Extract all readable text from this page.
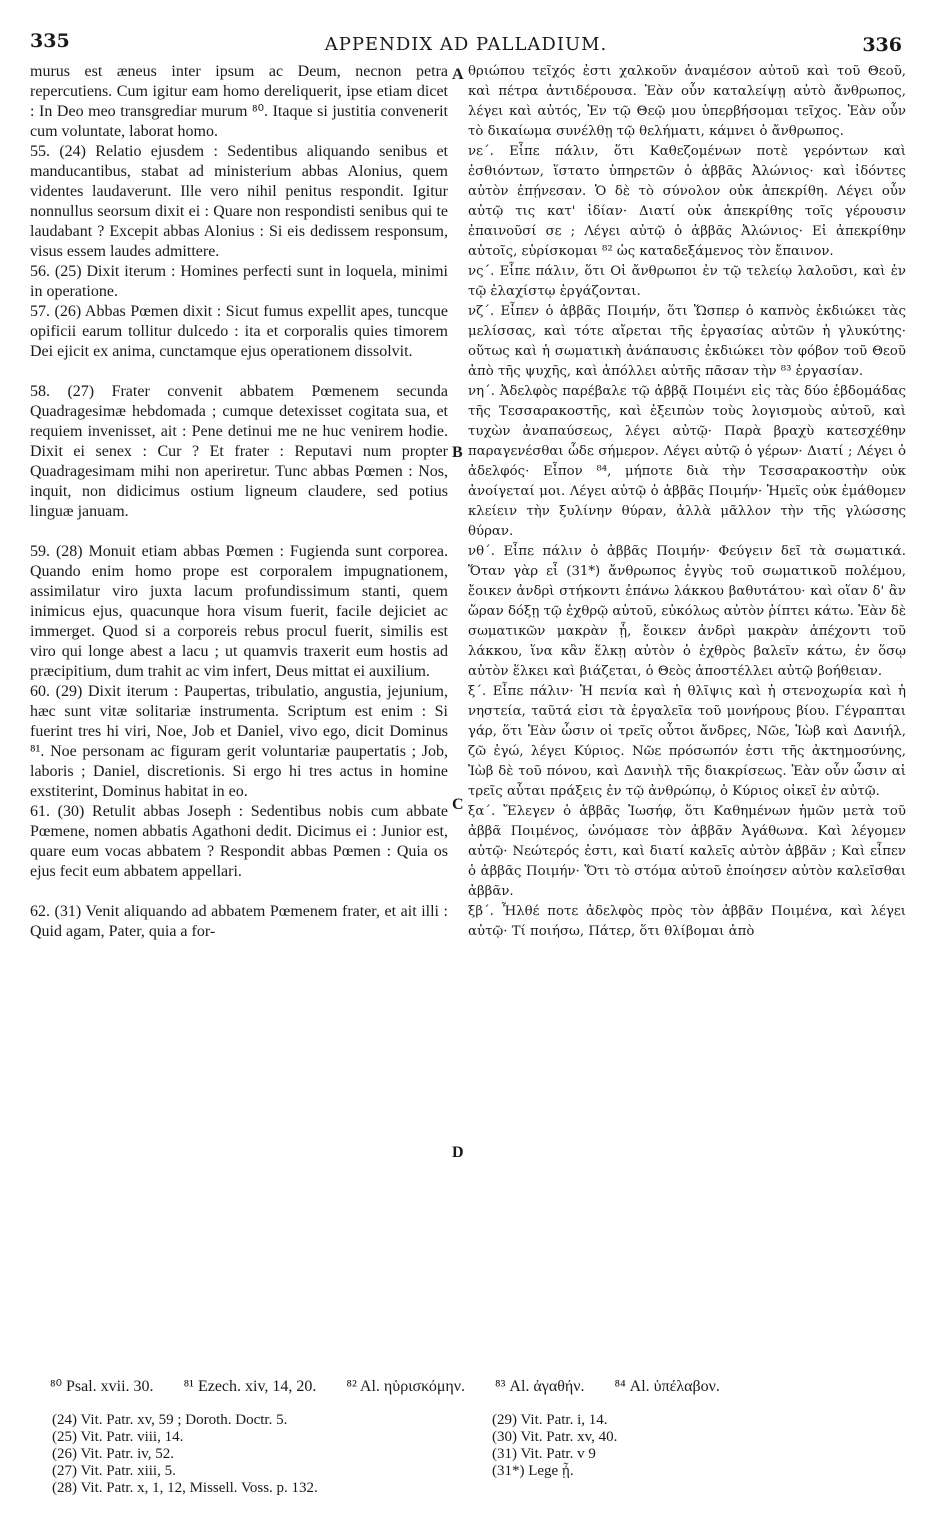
335	APPENDIX AD PALLADIUM.	336

murus est æneus inter ipsum ac Deum, necnon petra repercutiens. Cum igitur eam homo dereliquerit, ipse etiam dicet : In Deo meo transgrediar murum ⁸⁰. Itaque si justitia convenerit cum voluntate, laborat homo.

55. (24) Relatio ejusdem : Sedentibus aliquando senibus et manducantibus, stabat ad ministerium abbas Alonius, quem videntes laudaverunt. Ille vero nihil penitus respondit. Igitur nonnullus seorsum dixit ei : Quare non respondisti senibus qui te laudabant ? Excepit abbas Alonius : Si eis dedissem responsum, visus essem laudes admittere.

56. (25) Dixit iterum : Homines perfecti sunt in loquela, minimi in operatione.

57. (26) Abbas Pœmen dixit : Sicut fumus expellit apes, tuncque opificii earum tollitur dulcedo : ita et corporalis quies timorem Dei ejicit ex anima, cunctamque ejus operationem dissolvit.

58. (27) Frater convenit abbatem Pœmenem secunda Quadragesimæ hebdomada ; cumque detexisset cogitata sua, et requiem invenisset, ait : Pene detinui me ne huc venirem hodie. Dixit ei senex : Cur ? Et frater : Reputavi num propter Quadragesimam mihi non aperiretur. Tunc abbas Pœmen : Nos, inquit, non didicimus ostium ligneum claudere, sed potius linguæ januam.

59. (28) Monuit etiam abbas Pœmen : Fugienda sunt corporea. Quando enim homo prope est corporalem impugnationem, assimilatur viro juxta lacum profundissimum stanti, quem inimicus ejus, quacunque hora visum fuerit, facile dejiciet ac immerget. Quod si a corporeis rebus procul fuerit, similis est viro qui longe abest a lacu ; ut quamvis traxerit eum hostis ad præcipitium, dum trahit ac vim infert, Deus mittat ei auxilium.

60. (29) Dixit iterum : Paupertas, tribulatio, angustia, jejunium, hæc sunt vitæ solitariæ instrumenta. Scriptum est enim : Si fuerint tres hi viri, Noe, Job et Daniel, vivo ego, dicit Dominus ⁸¹. Noe personam ac figuram gerit voluntariæ paupertatis ; Job, laboris ; Daniel, discretionis. Si ergo hi tres actus in homine exstiterint, Dominus habitat in eo.

61. (30) Retulit abbas Joseph : Sedentibus nobis cum abbate Pœmene, nomen abbatis Agathoni dedit. Dicimus ei : Junior est, quare eum vocas abbatem ? Respondit abbas Pœmen : Quia os ejus fecit eum abbatem appellari.

62. (31) Venit aliquando ad abbatem Pœmenem frater, et ait illi : Quid agam, Pater, quia a for-

A
B
C
D

θριώπου τεῖχός ἐστι χαλκοῦν ἀναμέσον αὐτοῦ καὶ τοῦ Θεοῦ, καὶ πέτρα ἀντιδέρουσα. Ἐὰν οὖν καταλείψῃ αὐτὸ ἄνθρωπος, λέγει καὶ αὐτός, Ἐν τῷ Θεῷ μου ὑπερβήσομαι τεῖχος. Ἐὰν οὖν τὸ δικαίωμα συνέλθῃ τῷ θελήματι, κάμνει ὁ ἄνθρωπος.

νε΄. Εἶπε πάλιν, ὅτι Καθεζομένων ποτὲ γερόντων καὶ ἐσθιόντων, ἵστατο ὑπηρετῶν ὁ ἀββᾶς Ἀλώνιος· καὶ ἰδόντες αὐτὸν ἐπῄνεσαν. Ὁ δὲ τὸ σύνολον οὐκ ἀπεκρίθη. Λέγει οὖν αὐτῷ τις κατ' ἰδίαν· Διατί οὐκ ἀπεκρίθης τοῖς γέρουσιν ἐπαινοῦσί σε ; Λέγει αὐτῷ ὁ ἀββᾶς Ἀλώνιος· Εἰ ἀπεκρίθην αὐτοῖς, εὑρίσκομαι ⁸² ὡς καταδεξάμενος τὸν ἔπαινον.

νς΄. Εἶπε πάλιν, ὅτι Οἱ ἄνθρωποι ἐν τῷ τελείῳ λαλοῦσι, καὶ ἐν τῷ ἐλαχίστῳ ἐργάζονται.

νζ΄. Εἶπεν ὁ ἀββᾶς Ποιμήν, ὅτι Ὥσπερ ὁ καπνὸς ἐκδιώκει τὰς μελίσσας, καὶ τότε αἴρεται τῆς ἐργασίας αὐτῶν ἡ γλυκύτης· οὕτως καὶ ἡ σωματικὴ ἀνάπαυσις ἐκδιώκει τὸν φόβον τοῦ Θεοῦ ἀπὸ τῆς ψυχῆς, καὶ ἀπόλλει αὐτῆς πᾶσαν τὴν ⁸³ ἐργασίαν.

νη΄. Ἀδελφὸς παρέβαλε τῷ ἀββᾷ Ποιμένι εἰς τὰς δύο ἑβδομάδας τῆς Τεσσαρακοστῆς, καὶ ἐξειπὼν τοὺς λογισμοὺς αὐτοῦ, καὶ τυχὼν ἀναπαύσεως, λέγει αὐτῷ· Παρὰ βραχὺ κατεσχέθην παραγενέσθαι ὧδε σήμερον. Λέγει αὐτῷ ὁ γέρων· Διατί ; Λέγει ὁ ἀδελφός· Εἶπον ⁸⁴, μήποτε διὰ τὴν Τεσσαρακοστὴν οὐκ ἀνοίγεταί μοι. Λέγει αὐτῷ ὁ ἀββᾶς Ποιμήν· Ἡμεῖς οὐκ ἐμάθομεν κλείειν τὴν ξυλίνην θύραν, ἀλλὰ μᾶλλον τὴν τῆς γλώσσης θύραν.

νθ΄. Εἶπε πάλιν ὁ ἀββᾶς Ποιμήν· Φεύγειν δεῖ τὰ σωματικά. Ὅταν γὰρ εἶ (31*) ἄνθρωπος ἐγγὺς τοῦ σωματικοῦ πολέμου, ἔοικεν ἀνδρὶ στήκοντι ἐπάνω λάκκου βαθυτάτου· καὶ οἵαν δ' ἂν ὥραν δόξῃ τῷ ἐχθρῷ αὐτοῦ, εὐκόλως αὐτὸν ῥίπτει κάτω. Ἐὰν δὲ σωματικῶν μακρὰν ᾖ, ἔοικεν ἀνδρὶ μακρὰν ἀπέχοντι τοῦ λάκκου, ἵνα κἂν ἕλκῃ αὐτὸν ὁ ἐχθρὸς βαλεῖν κάτω, ἐν ὅσῳ αὐτὸν ἕλκει καὶ βιάζεται, ὁ Θεὸς ἀποστέλλει αὐτῷ βοήθειαν.

ξ΄. Εἶπε πάλιν· Ἡ πενία καὶ ἡ θλῖψις καὶ ἡ στενοχωρία καὶ ἡ νηστεία, ταῦτά εἰσι τὰ ἐργαλεῖα τοῦ μονήρους βίου. Γέγραπται γάρ, ὅτι Ἐὰν ὦσιν οἱ τρεῖς οὗτοι ἄνδρες, Νῶε, Ἰὼβ καὶ Δανιήλ, ζῶ ἐγώ, λέγει Κύριος. Νῶε πρόσωπόν ἐστι τῆς ἀκτημοσύνης, Ἰὼβ δὲ τοῦ πόνου, καὶ Δανιὴλ τῆς διακρίσεως. Ἐὰν οὖν ὦσιν αἱ τρεῖς αὗται πράξεις ἐν τῷ ἀνθρώπῳ, ὁ Κύριος οἰκεῖ ἐν αὐτῷ.

ξα΄. Ἔλεγεν ὁ ἀββᾶς Ἰωσήφ, ὅτι Καθημένων ἡμῶν μετὰ τοῦ ἀββᾶ Ποιμένος, ὠνόμασε τὸν ἀββᾶν Ἀγάθωνα. Καὶ λέγομεν αὐτῷ· Νεώτερός ἐστι, καὶ διατί καλεῖς αὐτὸν ἀββᾶν ; Καὶ εἶπεν ὁ ἀββᾶς Ποιμήν· Ὅτι τὸ στόμα αὐτοῦ ἐποίησεν αὐτὸν καλεῖσθαι ἀββᾶν.

ξβ΄. Ἦλθέ ποτε ἀδελφὸς πρὸς τὸν ἀββᾶν Ποιμένα, καὶ λέγει αὐτῷ· Τί ποιήσω, Πάτερ, ὅτι θλίβομαι ἀπὸ

⁸⁰ Psal. xvii. 30. ⁸¹ Ezech. xiv, 14, 20. ⁸² Al. ηὑρισκόμην. ⁸³ Al. ἀγαθήν. ⁸⁴ Al. ὑπέλαβον.
(24) Vit. Patr. xv, 59 ; Doroth. Doctr. 5.
(25) Vit. Patr. viii, 14.
(26) Vit. Patr. iv, 52.
(27) Vit. Patr. xiii, 5.
(28) Vit. Patr. x, 1, 12, Missell. Voss. p. 132.
(29) Vit. Patr. i, 14.
(30) Vit. Patr. xv, 40.
(31) Vit. Patr. v 9
(31*) Lege ᾖ.
